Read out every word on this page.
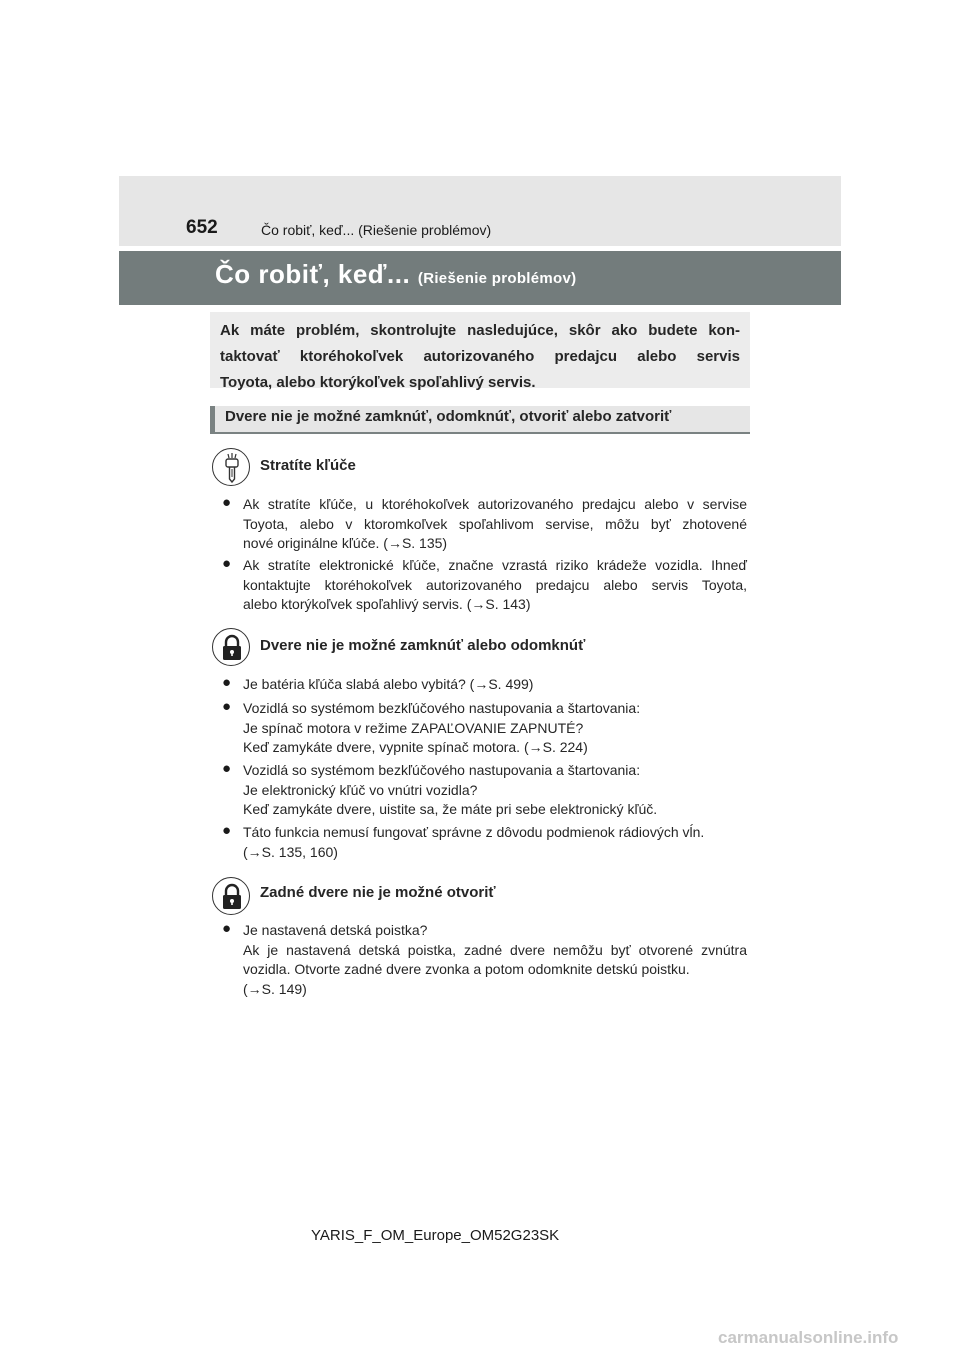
652	Čo robiť, keď... (Riešenie problémov)
Čo robiť, keď... (Riešenie problémov)
Ak máte problém, skontrolujte nasledujúce, skôr ako budete kon-
taktovať ktoréhokoľvek autorizovaného predajcu alebo servis
Toyota, alebo ktorýkoľvek spoľahlivý servis.
Dvere nie je možné zamknúť, odomknúť, otvoriť alebo zatvoriť
Stratíte kľúče
● Ak stratíte kľúče, u ktoréhokoľvek autorizovaného predajcu alebo v servise
Toyota, alebo v ktoromkoľvek spoľahlivom servise, môžu byť zhotovené
nové originálne kľúče. (→S. 135)
● Ak stratíte elektronické kľúče, značne vzrastá riziko krádeže vozidla. Ihneď
kontaktujte ktoréhokoľvek autorizovaného predajcu alebo servis Toyota,
alebo ktorýkoľvek spoľahlivý servis. (→S. 143)
Dvere nie je možné zamknúť alebo odomknúť
● Je batéria kľúča slabá alebo vybitá? (→S. 499)
● Vozidlá so systémom bezkľúčového nastupovania a štartovania:
Je spínač motora v režime ZAPAĽOVANIE ZAPNUTÉ?
Keď zamykáte dvere, vypnite spínač motora. (→S. 224)
● Vozidlá so systémom bezkľúčového nastupovania a štartovania:
Je elektronický kľúč vo vnútri vozidla?
Keď zamykáte dvere, uistite sa, že máte pri sebe elektronický kľúč.
● Táto funkcia nemusí fungovať správne z dôvodu podmienok rádiových vĺn.
(→S. 135, 160)
Zadné dvere nie je možné otvoriť
● Je nastavená detská poistka?
Ak je nastavená detská poistka, zadné dvere nemôžu byť otvorené zvnútra
vozidla. Otvorte zadné dvere zvonka a potom odomknite detskú poistku.
(→S. 149)
YARIS_F_OM_Europe_OM52G23SK
carmanualsonline.info
